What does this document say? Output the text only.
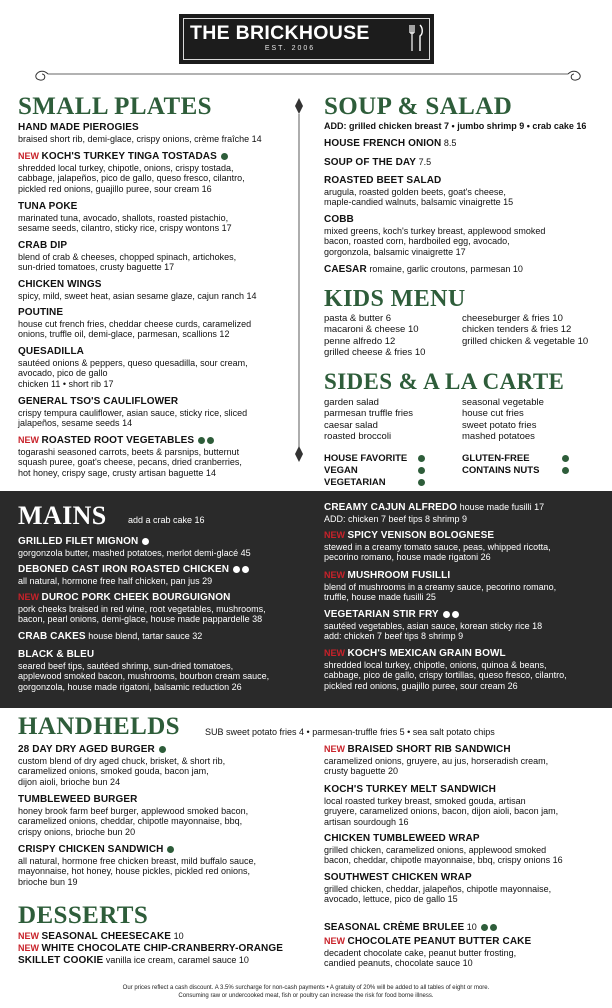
THE BRICKHOUSE
EST. 2006
SMALL PLATES
HAND MADE PIEROGIES
braised short rib, demi-glace, crispy onions, crème fraîche 14
NEW KOCH'S TURKEY TINGA TOSTADAS
shredded local turkey, chipotle, onions, crispy tostada,
cabbage, jalapeños, pico de gallo, queso fresco, cilantro,
pickled red onions, guajillo puree, sour cream 16
TUNA POKE
marinated tuna, avocado, shallots, roasted pistachio,
sesame seeds, cilantro, sticky rice, crispy wontons 17
CRAB DIP
blend of crab & cheeses, chopped spinach, artichokes,
sun-dried tomatoes, crusty baguette 17
CHICKEN WINGS
spicy, mild, sweet heat, asian sesame glaze, cajun ranch 14
POUTINE
house cut french fries, cheddar cheese curds, caramelized
onions, truffle oil, demi-glace, parmesan, scallions 12
QUESADILLA
sautéed onions & peppers, queso quesadilla, sour cream,
avocado, pico de gallo
chicken 11 • short rib 17
GENERAL TSO'S CAULIFLOWER
crispy tempura cauliflower, asian sauce, sticky rice, sliced
jalapeños, sesame seeds 14
NEW ROASTED ROOT VEGETABLES
togarashi seasoned carrots, beets & parsnips, butternut
squash puree, goat's cheese, pecans, dried cranberries,
hot honey, crispy sage, crusty artisan baguette 14
SOUP & SALAD
ADD: grilled chicken breast 7 • jumbo shrimp 9 • crab cake 16
HOUSE FRENCH ONION 8.5
SOUP OF THE DAY 7.5
ROASTED BEET SALAD
arugula, roasted golden beets, goat's cheese,
maple-candied walnuts, balsamic vinaigrette 15
COBB
mixed greens, koch's turkey breast, applewood smoked
bacon, roasted corn, hardboiled egg, avocado,
gorgonzola, balsamic vinaigrette 17
CAESAR romaine, garlic croutons, parmesan 10
KIDS MENU
pasta & butter 6
macaroni & cheese 10
penne alfredo 12
grilled cheese & fries 10
cheeseburger & fries 10
chicken tenders & fries 12
grilled chicken & vegetable 10
SIDES & A LA CARTE
garden salad
parmesan truffle fries
caesar salad
roasted broccoli
seasonal vegetable
house cut fries
sweet potato fries
mashed potatoes
HOUSE FAVORITE
VEGAN
VEGETARIAN
GLUTEN-FREE
CONTAINS NUTS
MAINS add a crab cake 16
GRILLED FILET MIGNON
gorgonzola butter, mashed potatoes, merlot demi-glacé 45
DEBONED CAST IRON ROASTED CHICKEN
all natural, hormone free half chicken, pan jus 29
NEW DUROC PORK CHEEK BOURGUIGNON
pork cheeks braised in red wine, root vegetables, mushrooms,
bacon, pearl onions, demi-glace, house made pappardelle 38
CRAB CAKES house blend, tartar sauce 32
BLACK & BLEU
seared beef tips, sautéed shrimp, sun-dried tomatoes,
applewood smoked bacon, mushrooms, bourbon cream sauce,
gorgonzola, house made rigatoni, balsamic reduction 26
CREAMY CAJUN ALFREDO house made fusilli 17
ADD: chicken 7 beef tips 8 shrimp 9
NEW SPICY VENISON BOLOGNESE
stewed in a creamy tomato sauce, peas, whipped ricotta,
pecorino romano, house made rigatoni 26
NEW MUSHROOM FUSILLI
blend of mushrooms in a creamy sauce, pecorino romano,
truffle, house made fusilli 25
VEGETARIAN STIR FRY
sautéed vegetables, asian sauce, korean sticky rice 18
add: chicken 7 beef tips 8 shrimp 9
NEW KOCH'S MEXICAN GRAIN BOWL
shredded local turkey, chipotle, onions, quinoa & beans,
cabbage, pico de gallo, crispy tortillas, queso fresco, cilantro,
pickled red onions, guajillo puree, sour cream 26
HANDHELDS	SUB sweet potato fries 4 • parmesan-truffle fries 5 • sea salt potato chips
28 DAY DRY AGED BURGER
custom blend of dry aged chuck, brisket, & short rib,
caramelized onions, smoked gouda, bacon jam,
dijon aioli, brioche bun 24
TUMBLEWEED BURGER
honey brook farm beef burger, applewood smoked bacon,
caramelized onions, cheddar, chipotle mayonnaise, bbq,
crispy onions, brioche bun 20
CRISPY CHICKEN SANDWICH
all natural, hormone free chicken breast, mild buffalo sauce,
mayonnaise, hot honey, house pickles, pickled red onions,
brioche bun 19
NEW BRAISED SHORT RIB SANDWICH
caramelized onions, gruyere, au jus, horseradish cream,
crusty baguette 20
KOCH'S TURKEY MELT SANDWICH
local roasted turkey breast, smoked gouda, artisan
gruyere, caramelized onions, bacon, dijon aioli, bacon jam,
artisan sourdough 16
CHICKEN TUMBLEWEED WRAP
grilled chicken, caramelized onions, applewood smoked
bacon, cheddar, chipotle mayonnaise, bbq, crispy onions 16
SOUTHWEST CHICKEN WRAP
grilled chicken, cheddar, jalapeños, chipotle mayonnaise,
avocado, lettuce, pico de gallo 15
DESSERTS
NEW SEASONAL CHEESECAKE 10
NEW WHITE CHOCOLATE CHIP-CRANBERRY-ORANGE
SKILLET COOKIE vanilla ice cream, caramel sauce 10
SEASONAL CRÈME BRULEE 10
NEW CHOCOLATE PEANUT BUTTER CAKE
decadent chocolate cake, peanut butter frosting,
candied peanuts, chocolate sauce 10
Our prices reflect a cash discount. A 3.5% surcharge for non-cash payments • A gratuity of 20% will be added to all tables of eight or more.
Consuming raw or undercooked meat, fish or poultry can increase the risk for food borne illness.
